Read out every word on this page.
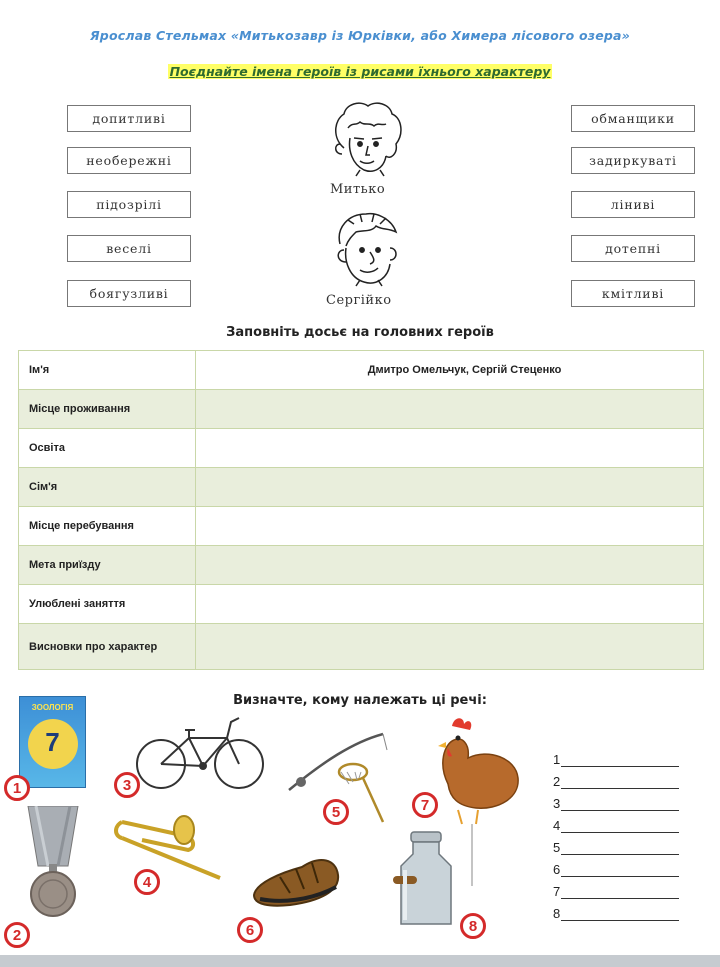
Ярослав Стельмах «Митькозавр із Юрківки, або Химера лісового озера»
Поєднайте імена героїв із рисами їхнього характеру
допитливі
необережні
підозрілі
веселі
боягузливі
обманщики
задиркуваті
ліниві
дотепні
кмітливі
Митько
Сергійко
Заповніть досьє на головних героїв
Ім'я	Дмитро Омельчук, Сергій Стеценко
Місце проживання	
Освіта	
Сім'я	
Місце перебування	
Мета приїзду	
Улюблені заняття	
Висновки про характер	
Визначте, кому належать ці речі:
ЗООЛОГІЯ
7
1
2
3
4
5
6
7
8
1
2
3
4
5
6
7
8
